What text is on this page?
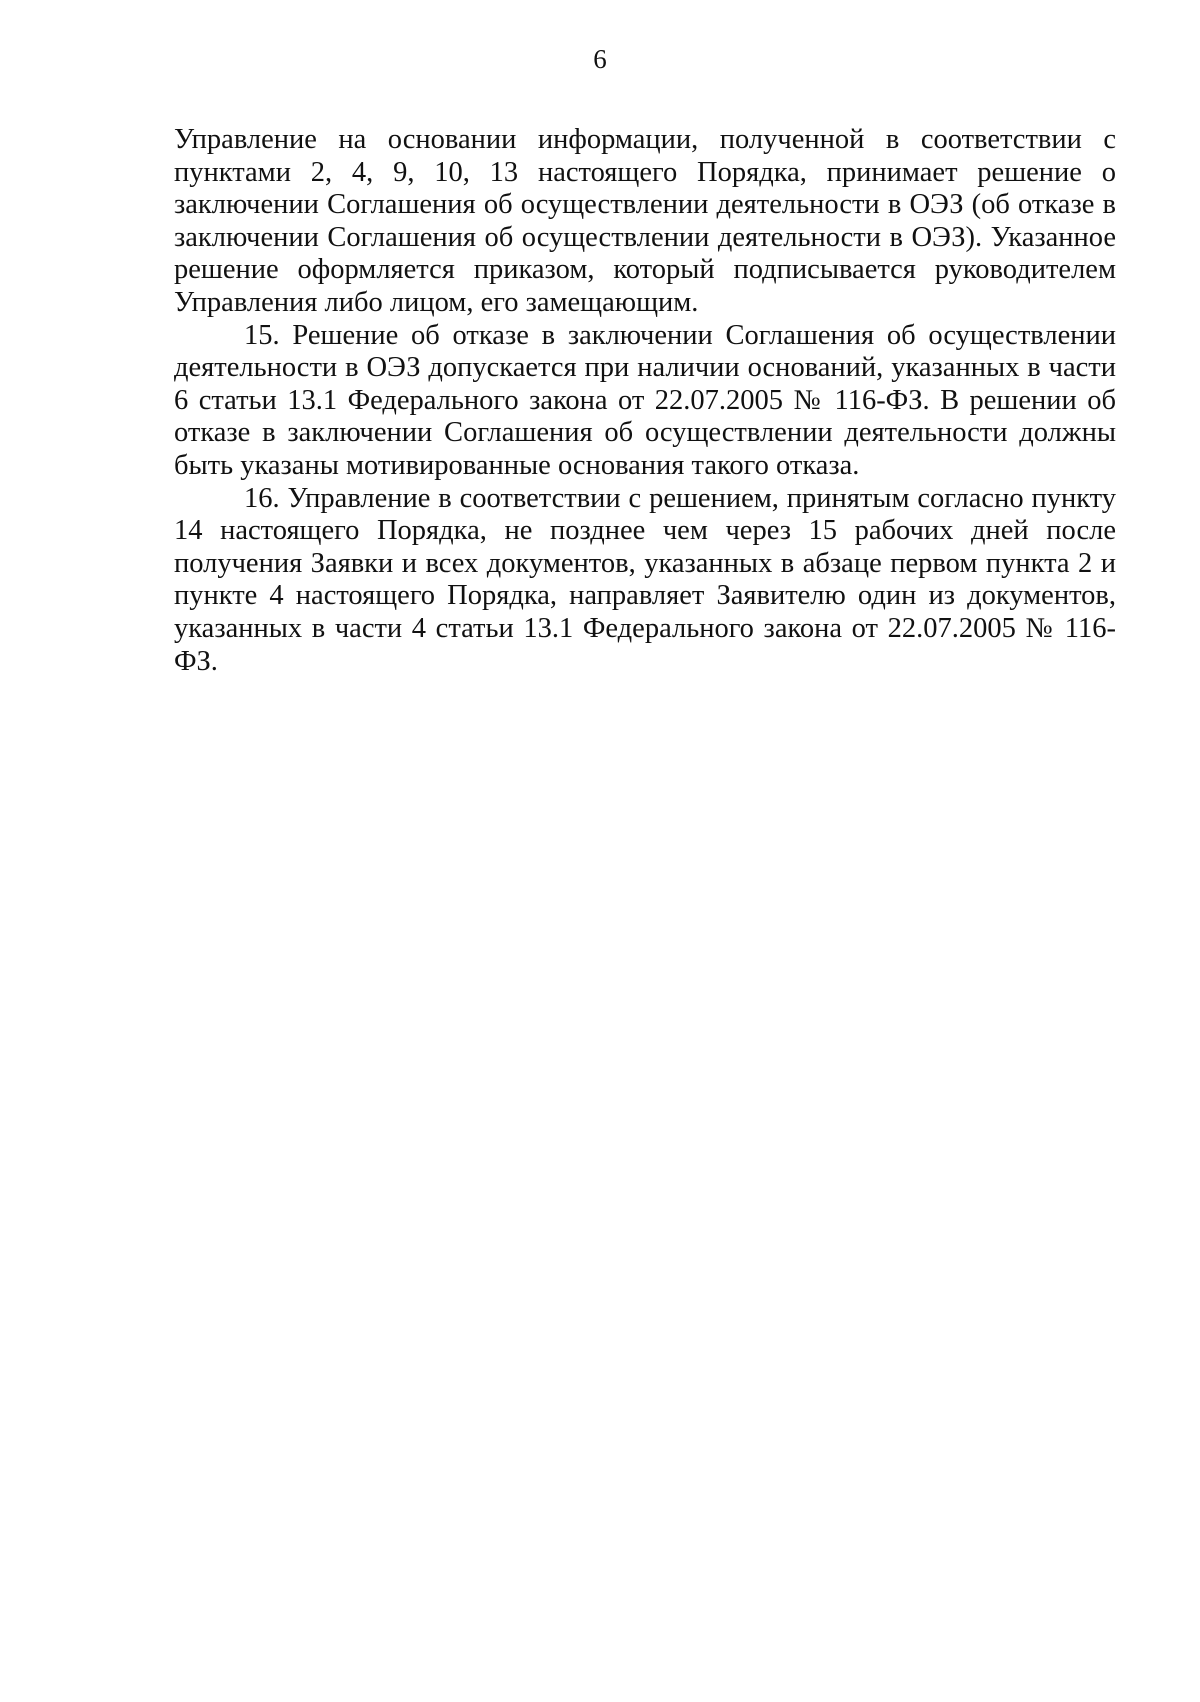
6

Управление на основании информации, полученной в соответствии с пунктами 2, 4, 9, 10, 13 настоящего Порядка, принимает решение о заключении Соглашения об осуществлении деятельности в ОЭЗ (об отказе в заключении Соглашения об осуществлении деятельности в ОЭЗ). Указанное решение оформляется приказом, который подписывается руководителем Управления либо лицом, его замещающим.

15. Решение об отказе в заключении Соглашения об осуществлении деятельности в ОЭЗ допускается при наличии оснований, указанных в части 6 статьи 13.1 Федерального закона от 22.07.2005 № 116-ФЗ. В решении об отказе в заключении Соглашения об осуществлении деятельности должны быть указаны мотивированные основания такого отказа.

16. Управление в соответствии с решением, принятым согласно пункту 14 настоящего Порядка, не позднее чем через 15 рабочих дней после получения Заявки и всех документов, указанных в абзаце первом пункта 2 и пункте 4 настоящего Порядка, направляет Заявителю один из документов, указанных в части 4 статьи 13.1 Федерального закона от 22.07.2005 № 116-ФЗ.
